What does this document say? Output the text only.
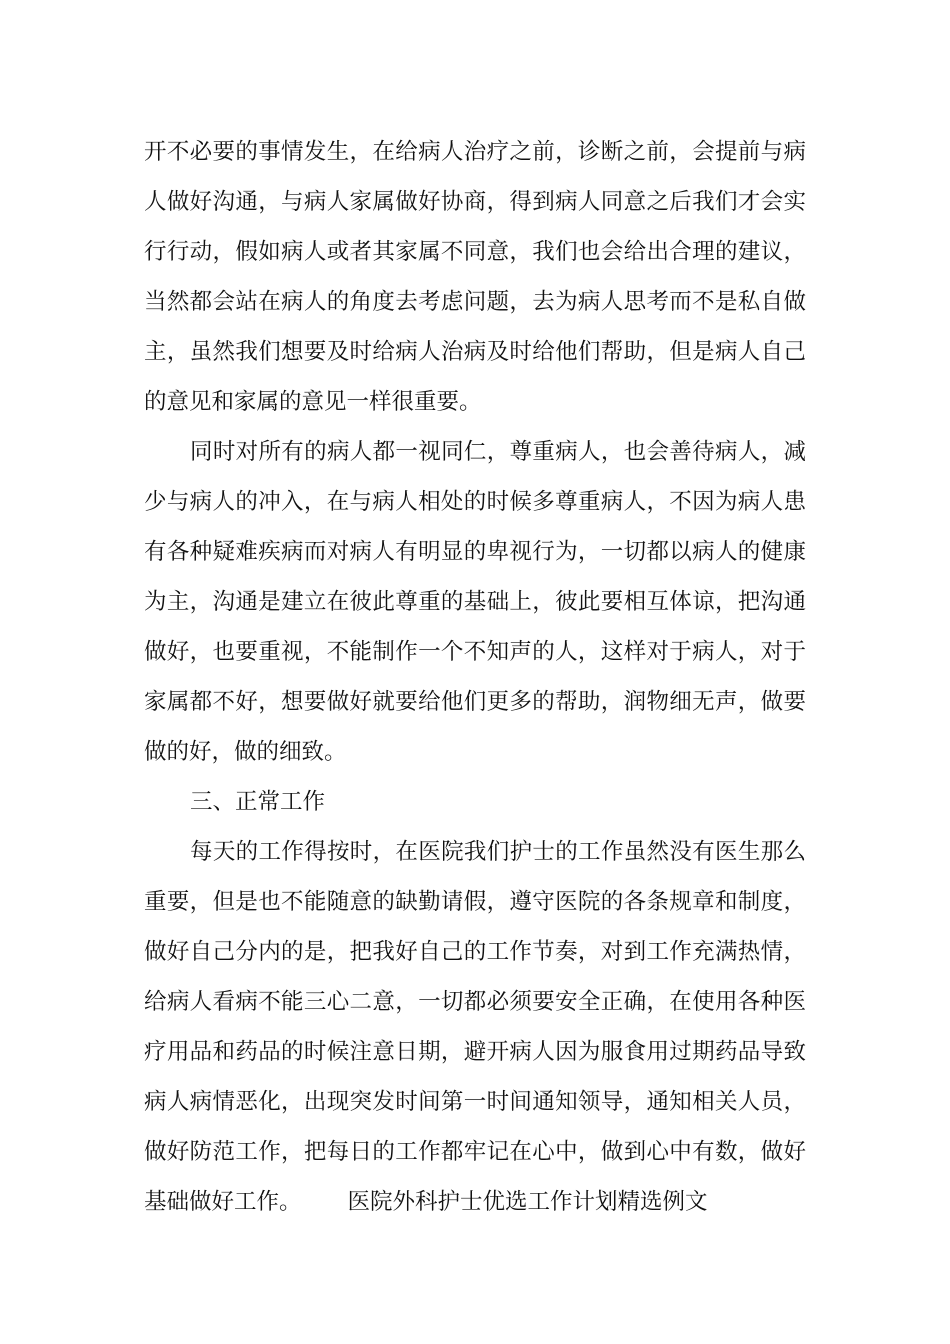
开不必要的事情发生，在给病人治疗之前，诊断之前，会提前与病
人做好沟通，与病人家属做好协商，得到病人同意之后我们才会实
行行动，假如病人或者其家属不同意，我们也会给出合理的建议，
当然都会站在病人的角度去考虑问题，去为病人思考而不是私自做
主，虽然我们想要及时给病人治病及时给他们帮助，但是病人自己
的意见和家属的意见一样很重要。
同时对所有的病人都一视同仁，尊重病人，也会善待病人，减
少与病人的冲入，在与病人相处的时候多尊重病人，不因为病人患
有各种疑难疾病而对病人有明显的卑视行为，一切都以病人的健康
为主，沟通是建立在彼此尊重的基础上，彼此要相互体谅，把沟通
做好，也要重视，不能制作一个不知声的人，这样对于病人，对于
家属都不好，想要做好就要给他们更多的帮助，润物细无声，做要
做的好，做的细致。
三、正常工作
每天的工作得按时，在医院我们护士的工作虽然没有医生那么
重要，但是也不能随意的缺勤请假，遵守医院的各条规章和制度，
做好自己分内的是，把我好自己的工作节奏，对到工作充满热情，
给病人看病不能三心二意，一切都必须要安全正确，在使用各种医
疗用品和药品的时候注意日期，避开病人因为服食用过期药品导致
病人病情恶化，出现突发时间第一时间通知领导，通知相关人员，
做好防范工作，把每日的工作都牢记在心中，做到心中有数，做好
基础做好工作。 医院外科护士优选工作计划精选例文
